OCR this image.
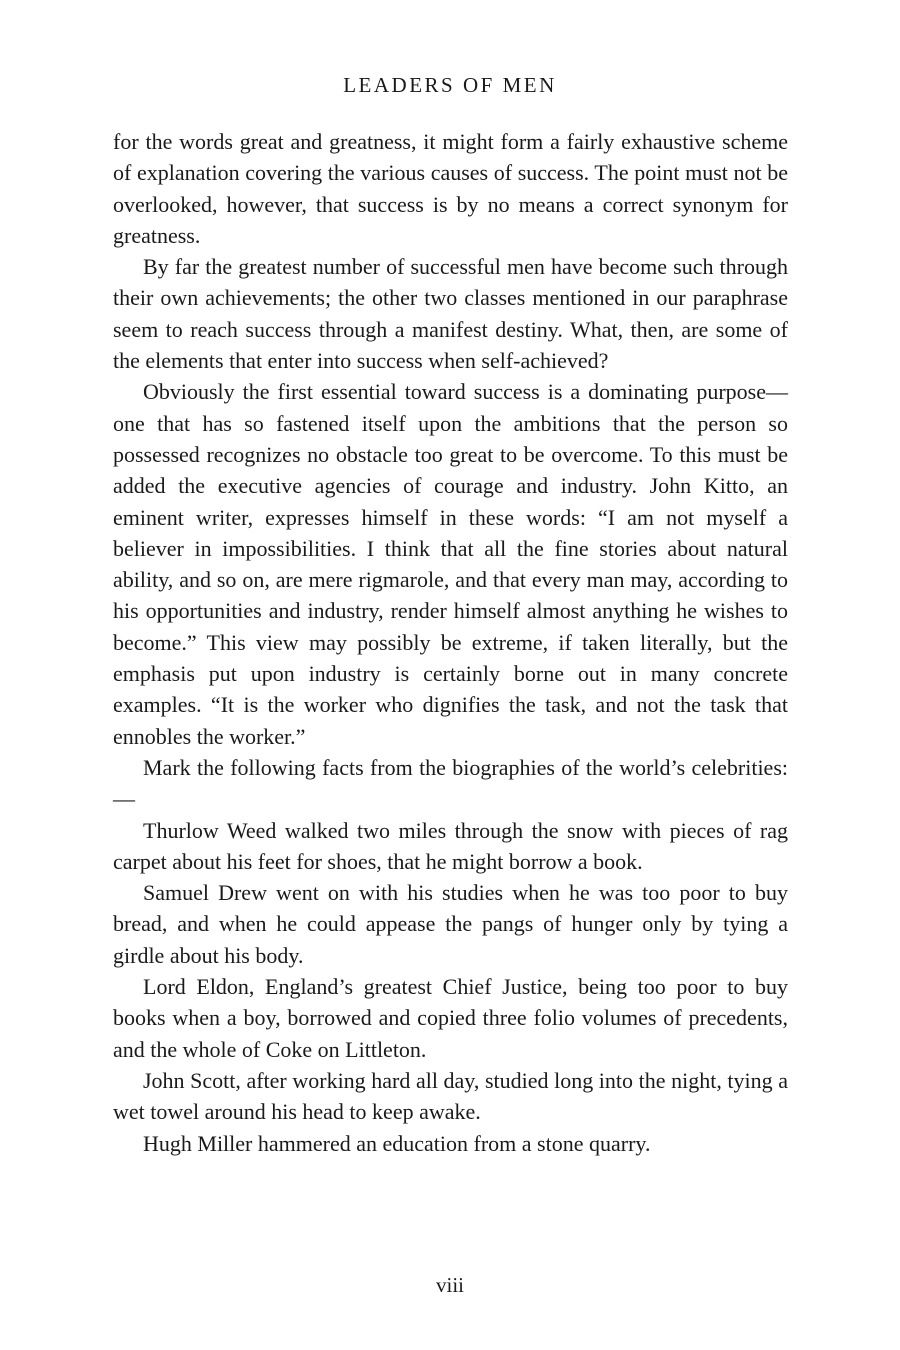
LEADERS OF MEN

for the words great and greatness, it might form a fairly exhaustive scheme of explanation covering the various causes of success. The point must not be overlooked, however, that success is by no means a correct synonym for greatness.

By far the greatest number of successful men have become such through their own achievements; the other two classes mentioned in our paraphrase seem to reach success through a manifest destiny. What, then, are some of the elements that enter into success when self-achieved?

Obviously the first essential toward success is a dominating purpose—one that has so fastened itself upon the ambitions that the person so possessed recognizes no obstacle too great to be overcome. To this must be added the executive agencies of courage and industry. John Kitto, an eminent writer, expresses himself in these words: “I am not myself a believer in impossibilities. I think that all the fine stories about natural ability, and so on, are mere rigmarole, and that every man may, according to his opportunities and industry, render himself almost anything he wishes to become.” This view may possibly be extreme, if taken literally, but the emphasis put upon industry is certainly borne out in many concrete examples. “It is the worker who dignifies the task, and not the task that ennobles the worker.”

Mark the following facts from the biographies of the world’s celebrities:—

Thurlow Weed walked two miles through the snow with pieces of rag carpet about his feet for shoes, that he might borrow a book.

Samuel Drew went on with his studies when he was too poor to buy bread, and when he could appease the pangs of hunger only by tying a girdle about his body.

Lord Eldon, England’s greatest Chief Justice, being too poor to buy books when a boy, borrowed and copied three folio volumes of precedents, and the whole of Coke on Littleton.

John Scott, after working hard all day, studied long into the night, tying a wet towel around his head to keep awake.

Hugh Miller hammered an education from a stone quarry.

viii
